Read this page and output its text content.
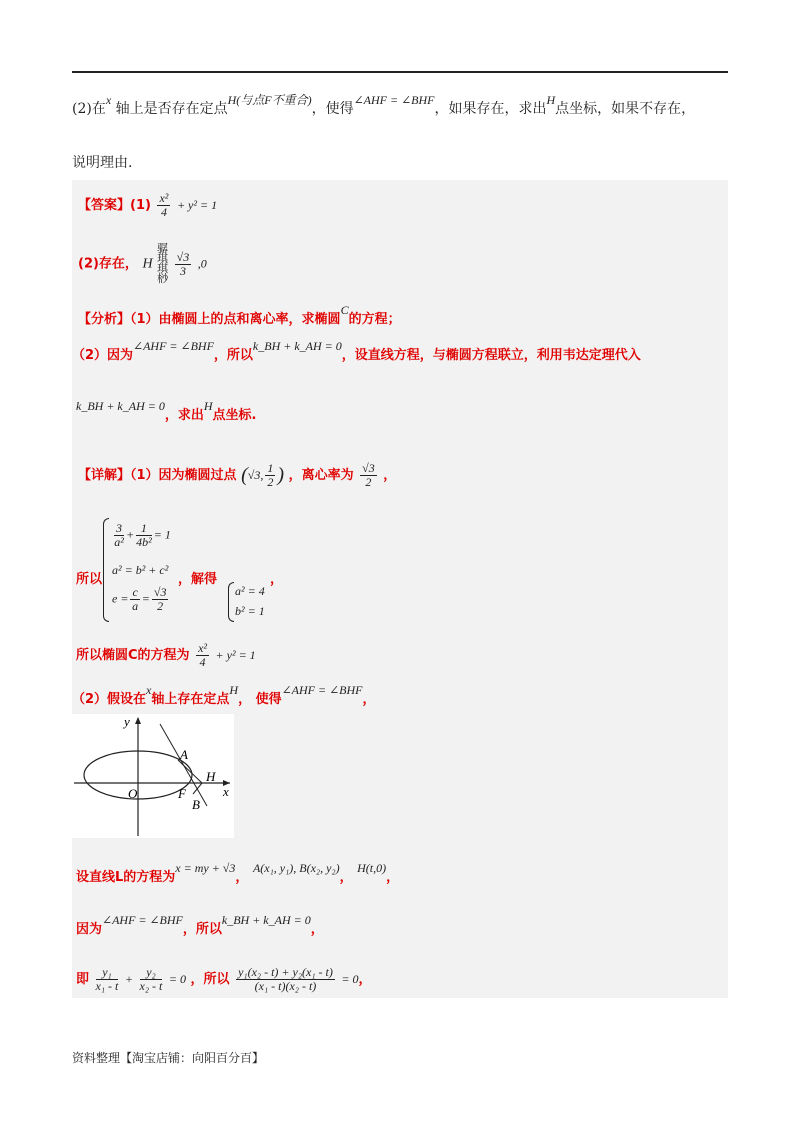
(2)在x 轴上是否存在定点H(与点F不重合)，使得∠AHF = ∠BHF，如果存在，求出H点坐标，如果不存在，
说明理由.
【答案】$(1) \frac{\text{x²}}{4} + y^2 = 1$
(2)存在， H 骣
琪
琪
桫
$\frac{√3}{3} ,0$
【分析】（1）由椭圆上的点和离心率，求椭圆C的方程；
（2）因为∠AHF = ∠BHF，所以k_BH + k_AH = 0，设直线方程，与椭圆方程联立，利用韦达定理代入
k_BH + k_AH = 0，求出H点坐标.
【详解】（1）因为椭圆过点 (√3, $\frac{1}{2}$ ) ，离心率为 $\frac{√3}{2}$ ，
所以
$\frac{3}{\text{a²}} + \frac{1}{\text{4b²}} = 1$
a² = b² + c²
$e = \frac{c}{a} = \frac{√3}{2}$
，解得
a² = 4
b² = 1
，
所以椭圆C的方程为 $\frac{\text{x²}}{4} + y^2 = 1$
（2）假设在x轴上存在定点H， 使得∠AHF = ∠BHF，
设直线L的方程为x = my + √3， A(x₁, y₁), B(x₂, y₂)， H(t,0)，
因为∠AHF = ∠BHF，所以k_BH + k_AH = 0，
即 $\frac{\text{y₁}}{\text{x₁ - t}} + \frac{\text{y₂}}{\text{x₂ - t}} = 0$ ，所以 $\frac{\text{y₁(x₂ - t) + y₂(x₁ - t)}}{\text{(x₁ - t)(x₂ - t)}} = 0$，
y
x
O	F
A
B
H
资料整理【淘宝店铺：向阳百分百】
